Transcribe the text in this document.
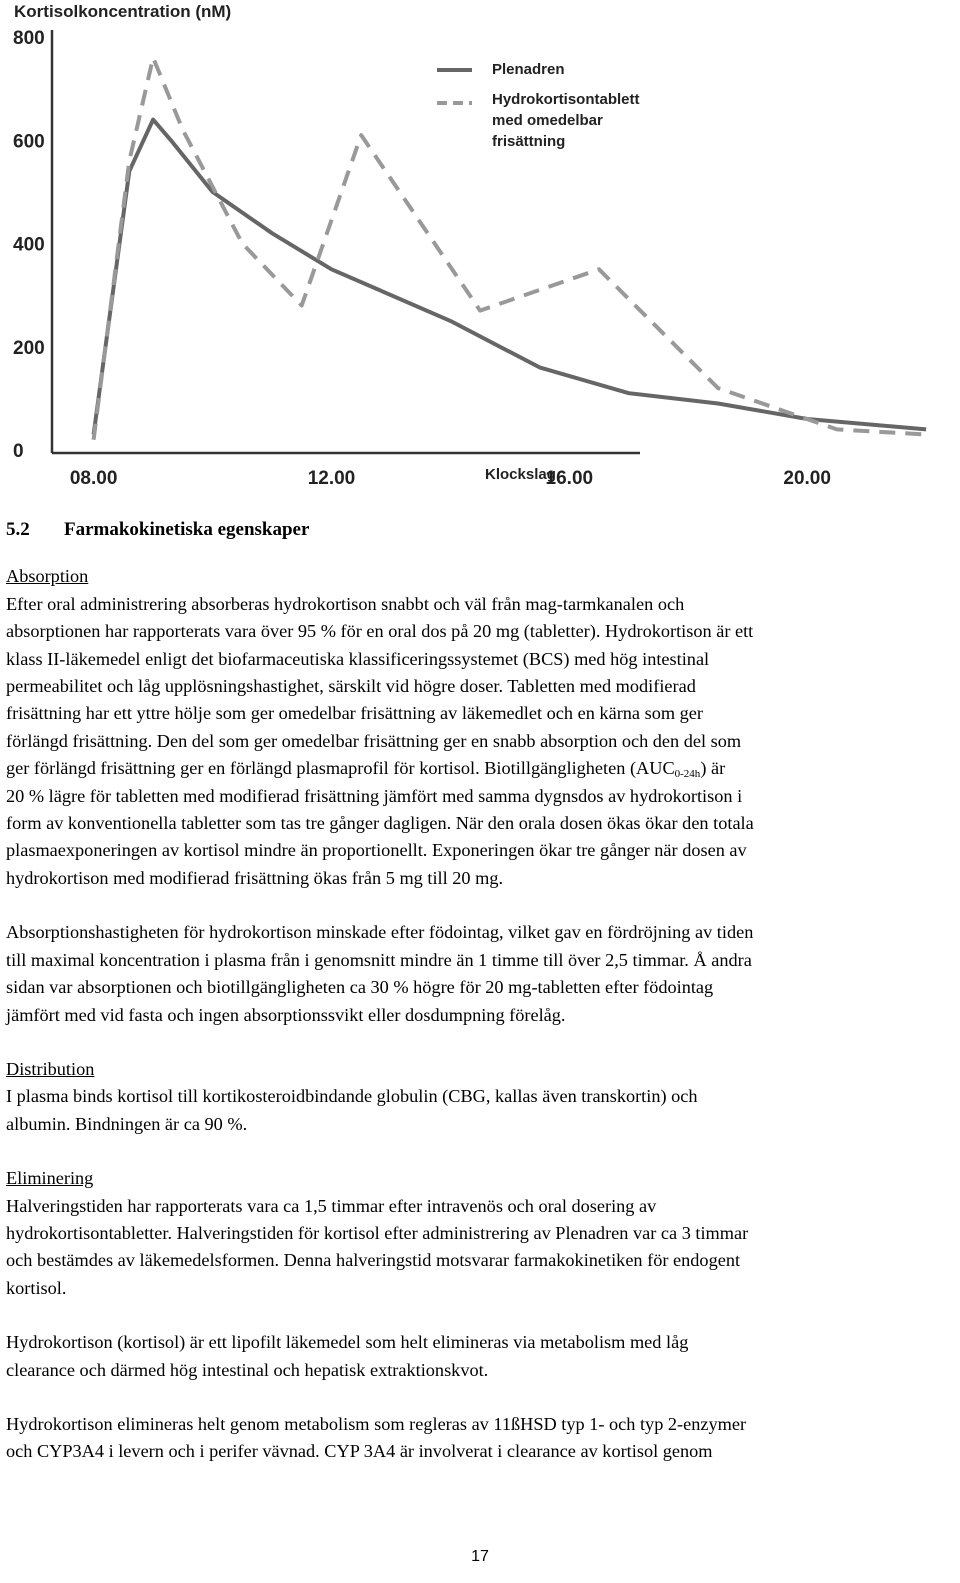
Kortisolkoncentration (nM)
800
600
400
200
0
08.00	12.00	16.00	20.00
Klockslag
Plenadren
Hydrokortisontablett
med omedelbar
frisättning

5.2 Farmakokinetiska egenskaper

Absorption

Efter oral administrering absorberas hydrokortison snabbt och väl från mag-tarmkanalen och
absorptionen har rapporterats vara över 95 % för en oral dos på 20 mg (tabletter). Hydrokortison är ett
klass II-läkemedel enligt det biofarmaceutiska klassificeringssystemet (BCS) med hög intestinal
permeabilitet och låg upplösningshastighet, särskilt vid högre doser. Tabletten med modifierad
frisättning har ett yttre hölje som ger omedelbar frisättning av läkemedlet och en kärna som ger
förlängd frisättning. Den del som ger omedelbar frisättning ger en snabb absorption och den del som
ger förlängd frisättning ger en förlängd plasmaprofil för kortisol. Biotillgängligheten $(AUC_{0-24h})$ är
20 % lägre för tabletten med modifierad frisättning jämfört med samma dygnsdos av hydrokortison i
form av konventionella tabletter som tas tre gånger dagligen. När den orala dosen ökas ökar den totala
plasmaexponeringen av kortisol mindre än proportionellt. Exponeringen ökar tre gånger när dosen av
hydrokortison med modifierad frisättning ökas från 5 mg till 20 mg.

Absorptionshastigheten för hydrokortison minskade efter födointag, vilket gav en fördröjning av tiden
till maximal koncentration i plasma från i genomsnitt mindre än 1 timme till över 2,5 timmar. Å andra
sidan var absorptionen och biotillgängligheten ca 30 % högre för 20 mg-tabletten efter födointag
jämfört med vid fasta och ingen absorptionssvikt eller dosdumpning förelåg.

Distribution

I plasma binds kortisol till kortikosteroidbindande globulin (CBG, kallas även transkortin) och
albumin. Bindningen är ca 90 %.

Eliminering

Halveringstiden har rapporterats vara ca 1,5 timmar efter intravenös och oral dosering av
hydrokortisontabletter. Halveringstiden för kortisol efter administrering av Plenadren var ca 3 timmar
och bestämdes av läkemedelsformen. Denna halveringstid motsvarar farmakokinetiken för endogent
kortisol.

Hydrokortison (kortisol) är ett lipofilt läkemedel som helt elimineras via metabolism med låg
clearance och därmed hög intestinal och hepatisk extraktionskvot.

Hydrokortison elimineras helt genom metabolism som regleras av 11ßHSD typ 1- och typ 2-enzymer
och CYP3A4 i levern och i perifer vävnad. CYP 3A4 är involverat i clearance av kortisol genom

17
